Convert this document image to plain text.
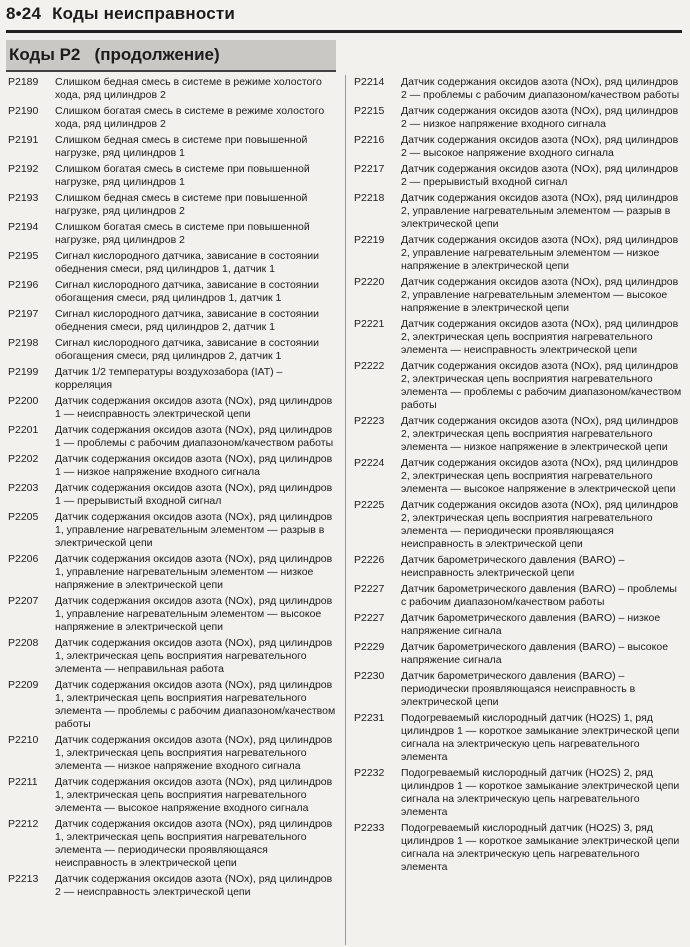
8•24 Коды неисправности
Коды Р2   (продолжение)
P2189	Слишком бедная смесь в системе в режиме холостого хода, ряд цилиндров 2
P2190	Слишком богатая смесь в системе в режиме холостого хода, ряд цилиндров 2
P2191	Слишком бедная смесь в системе при повышенной нагрузке, ряд цилиндров 1
P2192	Слишком богатая смесь в системе при повышенной нагрузке, ряд цилиндров 1
P2193	Слишком бедная смесь в системе при повышенной нагрузке, ряд цилиндров 2
P2194	Слишком богатая смесь в системе при повышенной нагрузке, ряд цилиндров 2
P2195	Сигнал кислородного датчика, зависание в состоянии обеднения смеси, ряд цилиндров 1, датчик 1
P2196	Сигнал кислородного датчика, зависание в состоянии обогащения смеси, ряд цилиндров 1, датчик 1
P2197	Сигнал кислородного датчика, зависание в состоянии обеднения смеси, ряд цилиндров 2, датчик 1
P2198	Сигнал кислородного датчика, зависание в состоянии обогащения смеси, ряд цилиндров 2, датчик 1
P2199	Датчик 1/2 температуры воздухозабора (IAT) – корреляция
P2200	Датчик содержания оксидов азота (NOx), ряд цилиндров 1 — неисправность электрической цепи
P2201	Датчик содержания оксидов азота (NOx), ряд цилиндров 1 — проблемы с рабочим диапазоном/качеством работы
P2202	Датчик содержания оксидов азота (NOx), ряд цилиндров 1 — низкое напряжение входного сигнала
P2203	Датчик содержания оксидов азота (NOx), ряд цилиндров 1 — прерывистый входной сигнал
P2205	Датчик содержания оксидов азота (NOx), ряд цилиндров 1, управление нагревательным элементом — разрыв в электрической цепи
P2206	Датчик содержания оксидов азота (NOx), ряд цилиндров 1, управление нагревательным элементом — низкое напряжение в электрической цепи
P2207	Датчик содержания оксидов азота (NOx), ряд цилиндров 1, управление нагревательным элементом — высокое напряжение в электрической цепи
P2208	Датчик содержания оксидов азота (NOx), ряд цилиндров 1, электрическая цепь восприятия нагревательного элемента — неправильная работа
P2209	Датчик содержания оксидов азота (NOx), ряд цилиндров 1, электрическая цепь восприятия нагревательного элемента — проблемы с рабочим диапазоном/качеством работы
P2210	Датчик содержания оксидов азота (NOx), ряд цилиндров 1, электрическая цепь восприятия нагревательного элемента — низкое напряжение входного сигнала
P2211	Датчик содержания оксидов азота (NOx), ряд цилиндров 1, электрическая цепь восприятия нагревательного элемента — высокое напряжение входного сигнала
P2212	Датчик содержания оксидов азота (NOx), ряд цилиндров 1, электрическая цепь восприятия нагревательного элемента — периодически проявляющаяся неисправность в электрической цепи
P2213	Датчик содержания оксидов азота (NOx), ряд цилиндров 2 — неисправность электрической цепи
P2214	Датчик содержания оксидов азота (NOx), ряд цилиндров 2 — проблемы с рабочим диапазоном/качеством работы
P2215	Датчик содержания оксидов азота (NOx), ряд цилиндров 2 — низкое напряжение входного сигнала
P2216	Датчик содержания оксидов азота (NOx), ряд цилиндров 2 — высокое напряжение входного сигнала
P2217	Датчик содержания оксидов азота (NOx), ряд цилиндров 2 — прерывистый входной сигнал
P2218	Датчик содержания оксидов азота (NOx), ряд цилиндров 2, управление нагревательным элементом — разрыв в электрической цепи
P2219	Датчик содержания оксидов азота (NOx), ряд цилиндров 2, управление нагревательным элементом — низкое напряжение в электрической цепи
P2220	Датчик содержания оксидов азота (NOx), ряд цилиндров 2, управление нагревательным элементом — высокое напряжение в электрической цепи
P2221	Датчик содержания оксидов азота (NOx), ряд цилиндров 2, электрическая цепь восприятия нагревательного элемента — неисправность электрической цепи
P2222	Датчик содержания оксидов азота (NOx), ряд цилиндров 2, электрическая цепь восприятия нагревательного элемента — проблемы с рабочим диапазоном/качеством работы
P2223	Датчик содержания оксидов азота (NOx), ряд цилиндров 2, электрическая цепь восприятия нагревательного элемента — низкое напряжение в электрической цепи
P2224	Датчик содержания оксидов азота (NOx), ряд цилиндров 2, электрическая цепь восприятия нагревательного элемента — высокое напряжение в электрической цепи
P2225	Датчик содержания оксидов азота (NOx), ряд цилиндров 2, электрическая цепь восприятия нагревательного элемента — периодически проявляющаяся неисправность в электрической цепи
P2226	Датчик барометрического давления (BARO) – неисправность электрической цепи
P2227	Датчик барометрического давления (BARO) – проблемы с рабочим диапазоном/качеством работы
P2227	Датчик барометрического давления (BARO) – низкое напряжение сигнала
P2229	Датчик барометрического давления (BARO) – высокое напряжение сигнала
P2230	Датчик барометрического давления (BARO) – периодически проявляющаяся неисправность в электрической цепи
P2231	Подогреваемый кислородный датчик (HO2S) 1, ряд цилиндров 1 — короткое замыкание электрической цепи сигнала на электрическую цепь нагревательного элемента
P2232	Подогреваемый кислородный датчик (HO2S) 2, ряд цилиндров 1 — короткое замыкание электрической цепи сигнала на электрическую цепь нагревательного элемента
P2233	Подогреваемый кислородный датчик (HO2S) 3, ряд цилиндров 1 — короткое замыкание электрической цепи сигнала на электрическую цепь нагревательного элемента
